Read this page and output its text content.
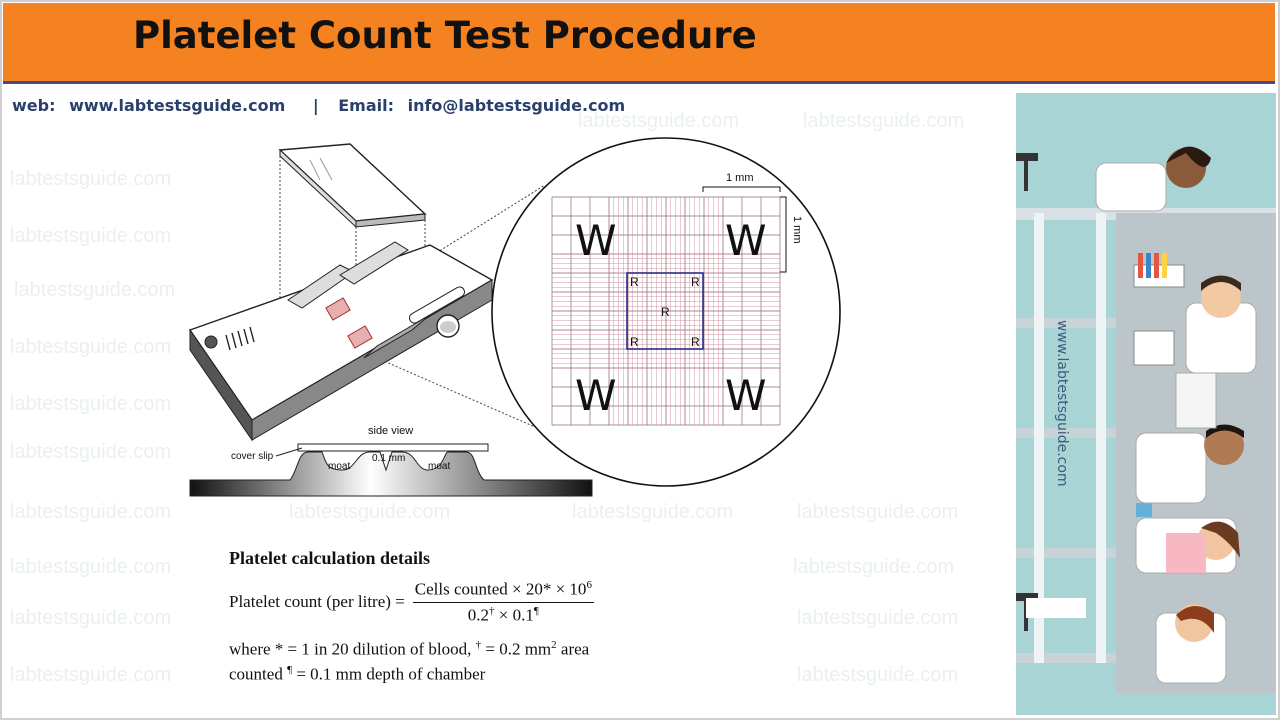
Platelet Count Test Procedure
web: www.labtestsguide.com | Email: info@labtestsguide.com
labtestsguide.com
labtestsguide.com
labtestsguide.com
labtestsguide.com
labtestsguide.com
labtestsguide.com
labtestsguide.com
labtestsguide.com
labtestsguide.com
labtestsguide.com
labtestsguide.com	labtestsguide.com
labtestsguide.com	labtestsguide.com	labtestsguide.com
labtestsguide.com
labtestsguide.com
labtestsguide.com
W	W
W	W
R	R
R
R	R
1 mm
1 mm
side view
cover slip
moat	moat
0.1 mm
Platelet calculation details
Platelet count (per litre) = $\frac{Cells counted \times 20* \times 10^6}{0.2^\dagger \times 0.1^\P}$
where * = 1 in 20 dilution of blood, † = 0.2 $mm^2$ area
counted ¶ = 0.1 mm depth of chamber
www.labtestsguide.com
